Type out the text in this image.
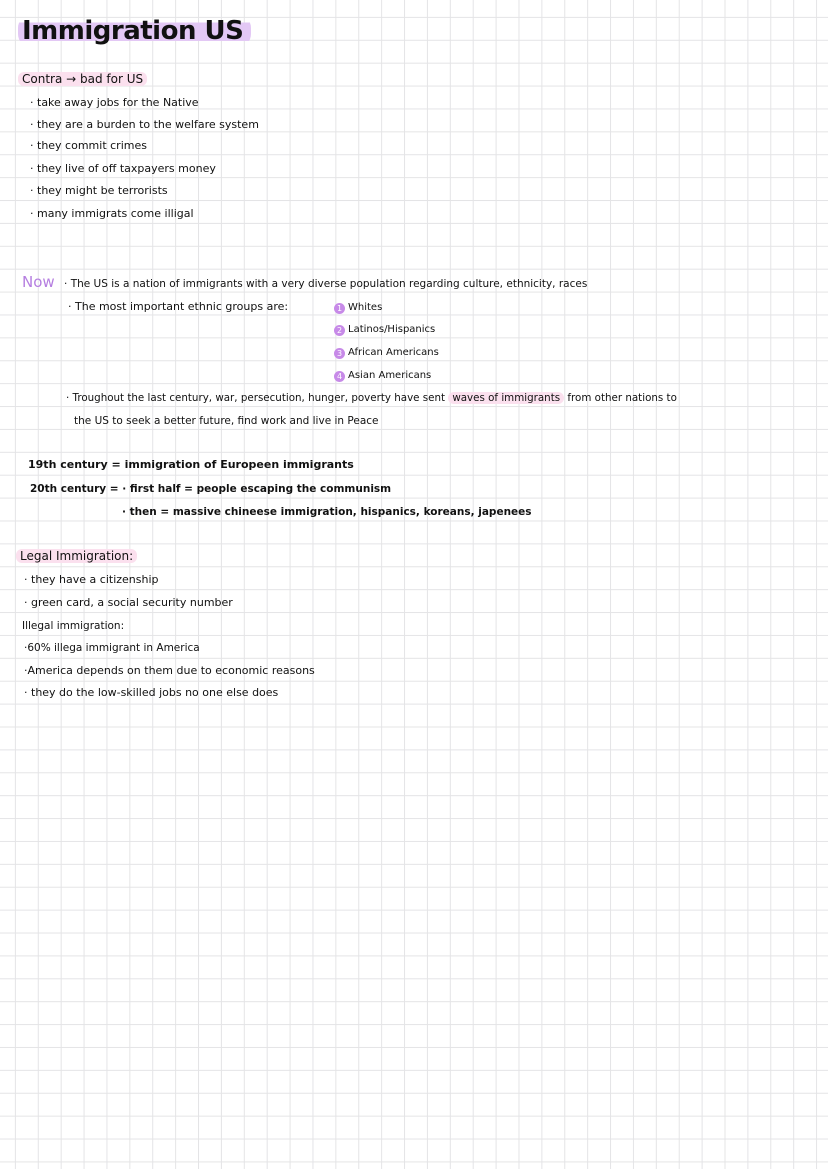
Immigration US
Contra → bad for US
· take away jobs for the Native
· they are a burden to the welfare system
· they commit crimes
· they live of off taxpayers money
· they might be terrorists
· many immigrats come illigal
Now · The US is a nation of immigrants with a very diverse population regarding culture, ethnicity, races
· The most important ethnic groups are:	1 Whites
2 Latinos/Hispanics
3 African Americans
4 Asian Americans
· Troughout the last century, war, persecution, hunger, poverty have sent waves of immigrants from other nations to
the US to seek a better future, find work and live in Peace
19th century = immigration of Europeen immigrants
20th century = · first half = people escaping the communism
· then = massive chineese immigration, hispanics, koreans, japenees
Legal Immigration:
· they have a citizenship
· green card, a social security number
Illegal immigration:
·60% illega immigrant in America
·America depends on them due to economic reasons
· they do the low-skilled jobs no one else does
